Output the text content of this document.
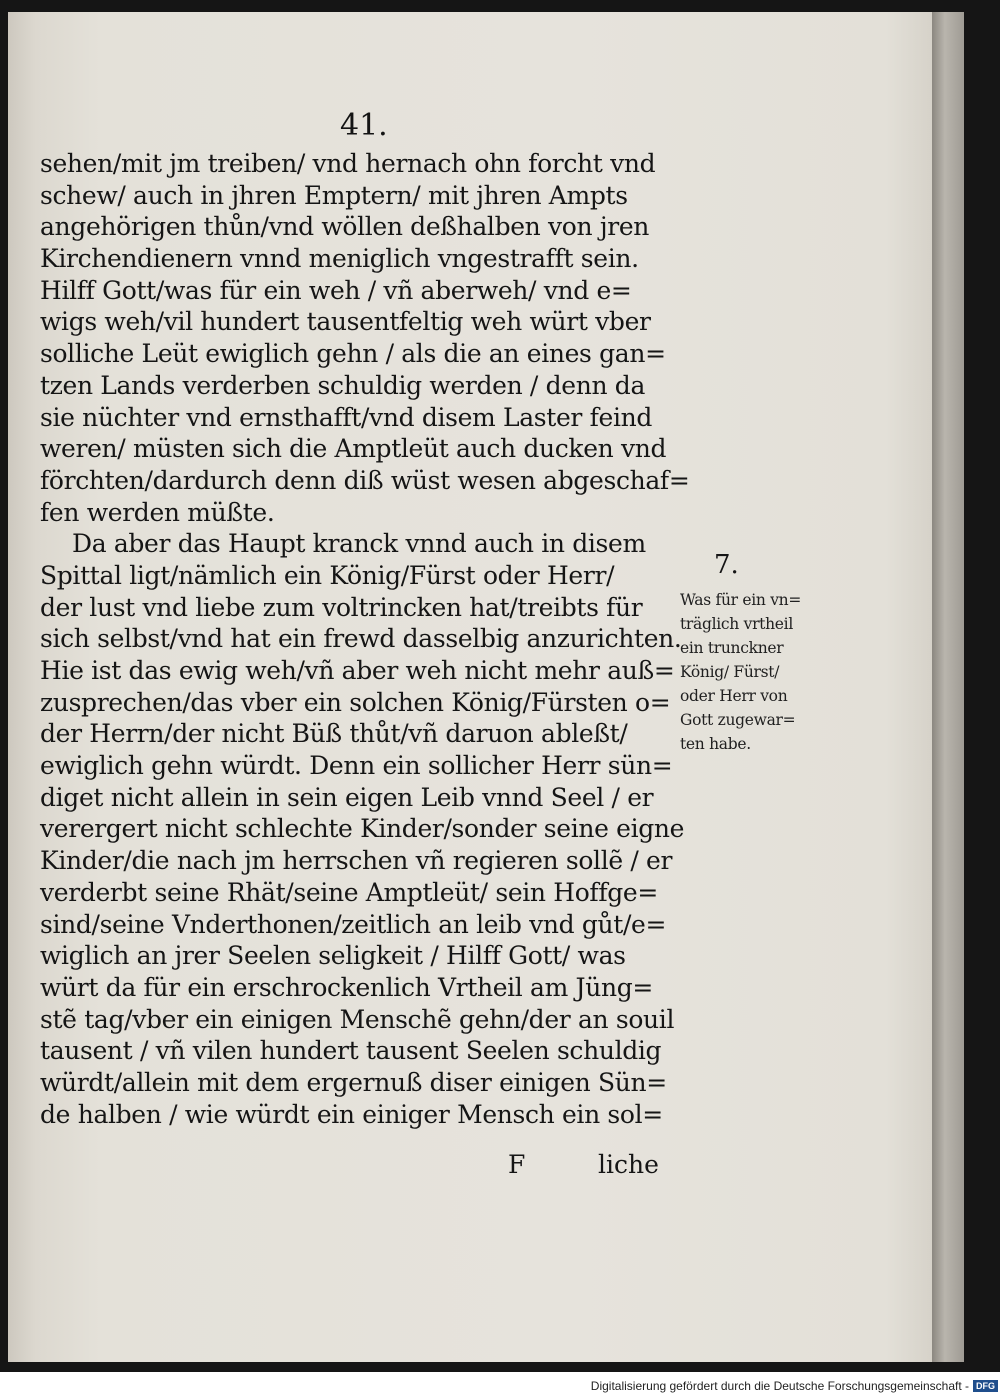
41.
sehen/mit jm treiben/ vnd hernach ohn forcht vnd
schew/ auch in jhren Emptern/ mit jhren Ampts
angehörigen thůn/vnd wöllen deßhalben von jren
Kirchendienern vnnd meniglich vngestrafft sein.
Hilff Gott/was für ein weh / vñ aberweh/ vnd e=
wigs weh/vil hundert tausentfeltig weh würt vber
solliche Leüt ewiglich gehn / als die an eines gan=
tzen Lands verderben schuldig werden / denn da
sie nüchter vnd ernsthafft/vnd disem Laster feind
weren/ müsten sich die Amptleüt auch ducken vnd
förchten/dardurch denn diß wüst wesen abgeschaf=
fen werden müßte.
Da aber das Haupt kranck vnnd auch in disem
Spittal ligt/nämlich ein König/Fürst oder Herr/
der lust vnd liebe zum voltrincken hat/treibts für
sich selbst/vnd hat ein frewd dasselbig anzurichten.
Hie ist das ewig weh/vñ aber weh nicht mehr auß=
zusprechen/das vber ein solchen König/Fürsten o=
der Herrn/der nicht Büß thůt/vñ daruon ableßt/
ewiglich gehn würdt. Denn ein sollicher Herr sün=
diget nicht allein in sein eigen Leib vnnd Seel / er
verergert nicht schlechte Kinder/sonder seine eigne
Kinder/die nach jm herrschen vñ regieren sollẽ / er
verderbt seine Rhät/seine Amptleüt/ sein Hoffge=
sind/seine Vnderthonen/zeitlich an leib vnd gůt/e=
wiglich an jrer Seelen seligkeit / Hilff Gott/ was
würt da für ein erschrockenlich Vrtheil am Jüng=
stẽ tag/vber ein einigen Menschẽ gehn/der an souil
tausent / vñ vilen hundert tausent Seelen schuldig
würdt/allein mit dem ergernuß diser einigen Sün=
de halben / wie würdt ein einiger Mensch ein sol=
F	liche
7.
Was für ein vn=
träglich vrtheil
ein trunckner
König/ Fürst/
oder Herr von
Gott zugewar=
ten habe.
Digitalisierung gefördert durch die Deutsche Forschungsgemeinschaft - DFG
